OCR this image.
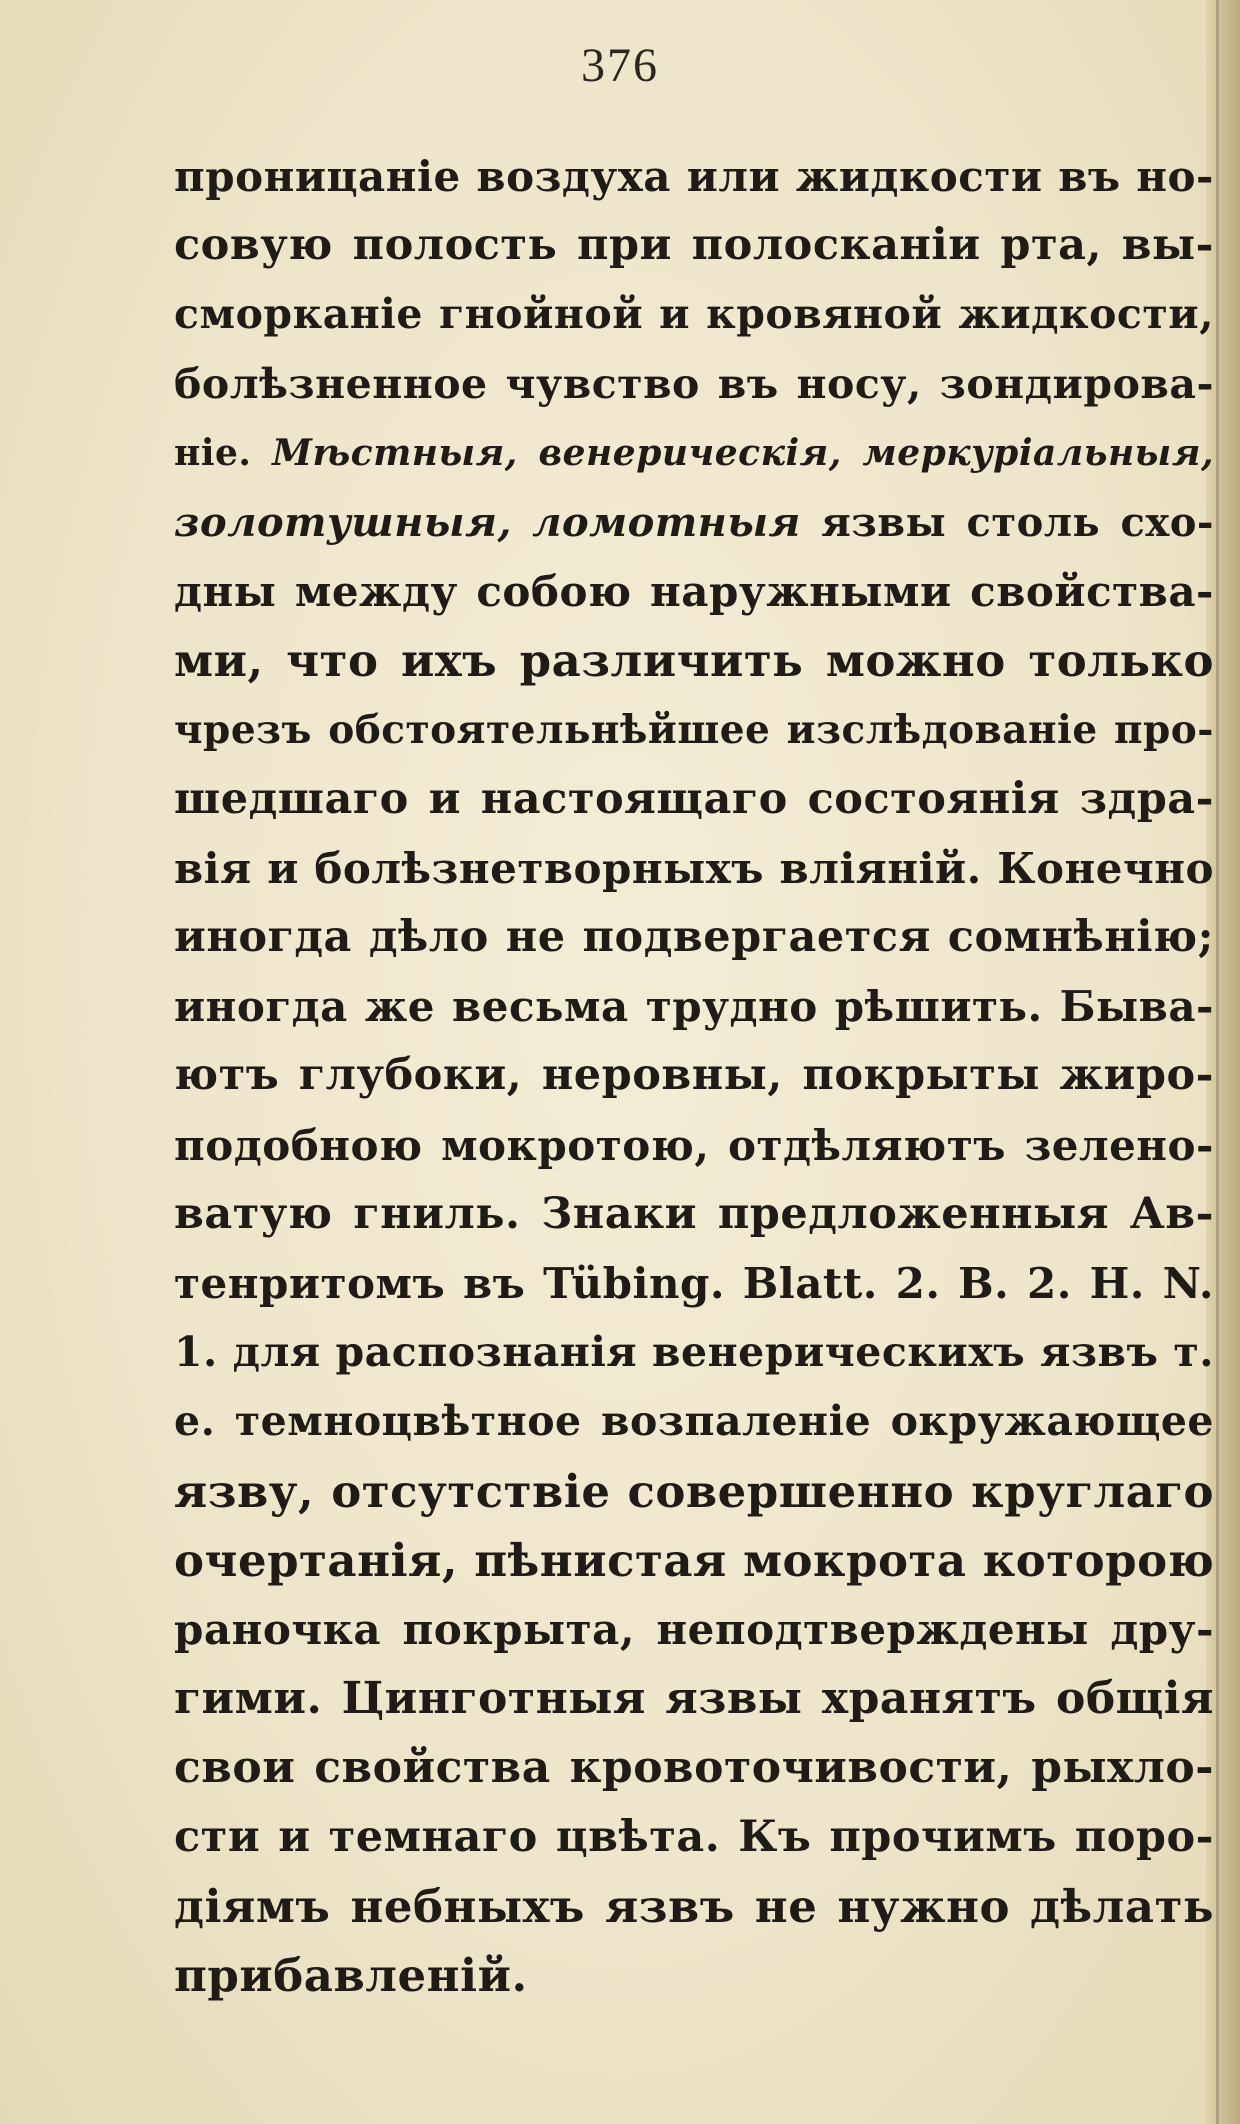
376
проницаніе воздуха или жидкости въ но-
совую полость при полосканіи рта, вы-
сморканіе гнойной и кровяной жидкости,
болѣзненное чувство въ носу, зондирова-
ніе. Мѣстныя, венерическія, меркуріальныя,
золотушныя, ломотныя язвы столь схо-
дны между собою наружными свойства-
ми, что ихъ различить можно только
чрезъ обстоятельнѣйшее изслѣдованіе про-
шедшаго и настоящаго состоянія здра-
вія и болѣзнетворныхъ вліяній. Конечно
иногда дѣло не подвергается сомнѣнію;
иногда же весьма трудно рѣшить. Быва-
ютъ глубоки, неровны, покрыты жиро-
подобною мокротою, отдѣляютъ зелено-
ватую гниль. Знаки предложенныя Ав-
тенритомъ въ Tübing. Blatt. 2. B. 2. H. N.
1. для распознанія венерическихъ язвъ т.
е. темноцвѣтное возпаленіе окружающее
язву, отсутствіе совершенно круглаго
очертанія, пѣнистая мокрота которою
раночка покрыта, неподтверждены дру-
гими. Цинготныя язвы хранятъ общія
свои свойства кровоточивости, рыхло-
сти и темнаго цвѣта. Къ прочимъ поро-
діямъ небныхъ язвъ не нужно дѣлать
прибавленій.
